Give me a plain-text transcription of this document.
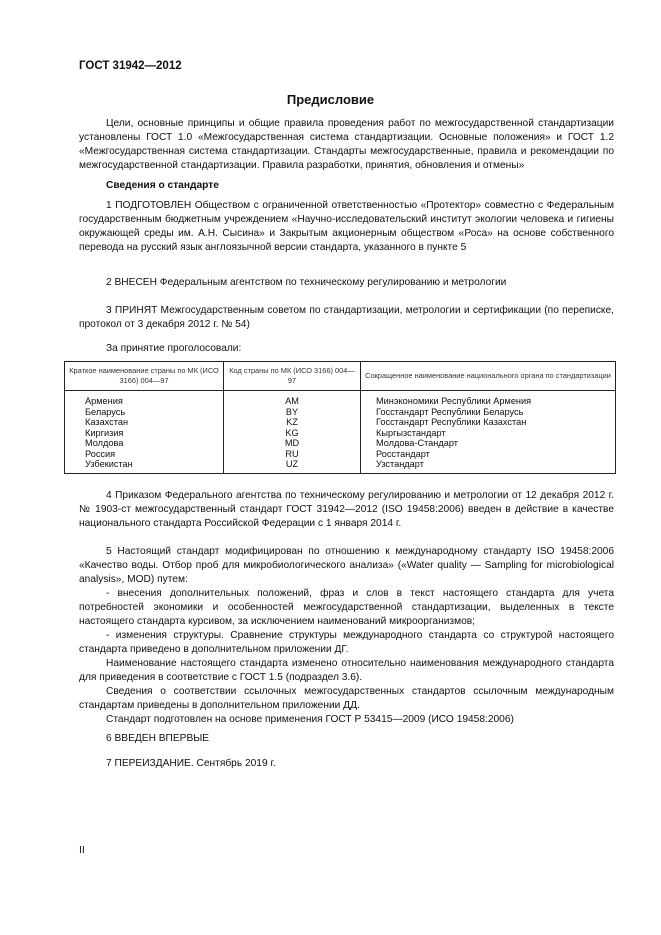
ГОСТ 31942—2012
Предисловие

Цели, основные принципы и общие правила проведения работ по межгосударственной стандартизации установлены ГОСТ 1.0 «Межгосударственная система стандартизации. Основные положения» и ГОСТ 1.2 «Межгосударственная система стандартизации. Стандарты межгосударственные, правила и рекомендации по межгосударственной стандартизации. Правила разработки, принятия, обновления и отмены»

Сведения о стандарте

1 ПОДГОТОВЛЕН Обществом с ограниченной ответственностью «Протектор» совместно с Федеральным государственным бюджетным учреждением «Научно-исследовательский институт экологии человека и гигиены окружающей среды им. А.Н. Сысина» и Закрытым акционерным обществом «Роса» на основе собственного перевода на русский язык англоязычной версии стандарта, указанного в пункте 5

2 ВНЕСЕН Федеральным агентством по техническому регулированию и метрологии

3 ПРИНЯТ Межгосударственным советом по стандартизации, метрологии и сертификации (по переписке, протокол от 3 декабря 2012 г. № 54)

За принятие проголосовали:
Краткое наименование страны по МК (ИСО 3166) 004—97	Код страны по МК (ИСО 3166) 004—97	Сокращенное наименование национального органа по стандартизации
Армения	AM	Минэкономики Республики Армения
Беларусь	BY	Госстандарт Республики Беларусь
Казахстан	KZ	Госстандарт Республики Казахстан
Киргизия	KG	Кыргызстандарт
Молдова	MD	Молдова-Стандарт
Россия	RU	Росстандарт
Узбекистан	UZ	Узстандарт

4 Приказом Федерального агентства по техническому регулированию и метрологии от 12 декабря 2012 г. № 1903-ст межгосударственный стандарт ГОСТ 31942—2012 (ISO 19458:2006) введен в действие в качестве национального стандарта Российской Федерации с 1 января 2014 г.

5 Настоящий стандарт модифицирован по отношению к международному стандарту ISO 19458:2006 «Качество воды. Отбор проб для микробиологического анализа» («Water quality — Sampling for microbiological analysis», MOD) путем:

- внесения дополнительных положений, фраз и слов в текст настоящего стандарта для учета потребностей экономики и особенностей межгосударственной стандартизации, выделенных в тексте настоящего стандарта курсивом, за исключением наименований микроорганизмов;

- изменения структуры. Сравнение структуры международного стандарта со структурой настоящего стандарта приведено в дополнительном приложении ДГ.

Наименование настоящего стандарта изменено относительно наименования международного стандарта для приведения в соответствие с ГОСТ 1.5 (подраздел 3.6).

Сведения о соответствии ссылочных межгосударственных стандартов ссылочным международным стандартам приведены в дополнительном приложении ДД.

Стандарт подготовлен на основе применения ГОСТ Р 53415—2009 (ИСО 19458:2006)

6 ВВЕДЕН ВПЕРВЫЕ

7 ПЕРЕИЗДАНИЕ. Сентябрь 2019 г.

II
